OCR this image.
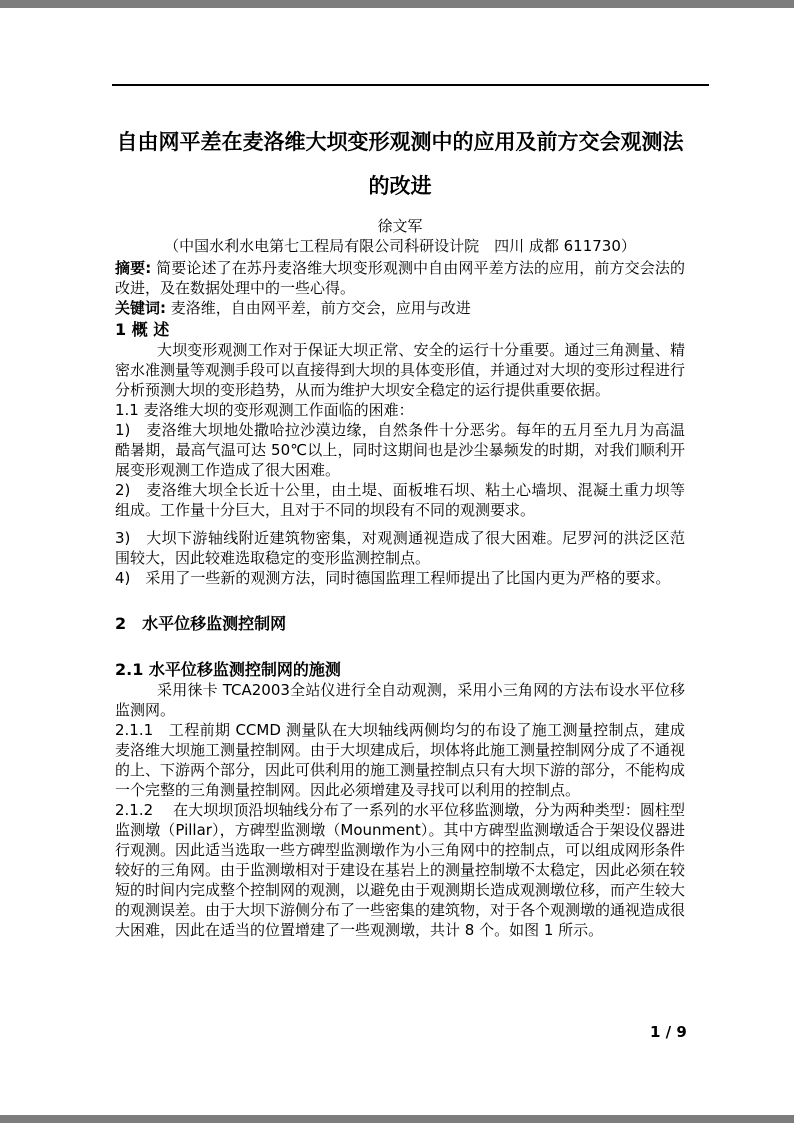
自由网平差在麦洛维大坝变形观测中的应用及前方交会观测法
的改进

徐文军

（中国水利水电第七工程局有限公司科研设计院　四川 成都 611730）

摘要: 简要论述了在苏丹麦洛维大坝变形观测中自由网平差方法的应用，前方交会法的改进，及在数据处理中的一些心得。

关键词: 麦洛维，自由网平差，前方交会，应用与改进

1 概 述

大坝变形观测工作对于保证大坝正常、安全的运行十分重要。通过三角测量、精密水准测量等观测手段可以直接得到大坝的具体变形值，并通过对大坝的变形过程进行分析预测大坝的变形趋势，从而为维护大坝安全稳定的运行提供重要依据。

1.1 麦洛维大坝的变形观测工作面临的困难：

1)　麦洛维大坝地处撒哈拉沙漠边缘，自然条件十分恶劣。每年的五月至九月为高温酷暑期，最高气温可达 50℃以上，同时这期间也是沙尘暴频发的时期，对我们顺利开展变形观测工作造成了很大困难。

2)　麦洛维大坝全长近十公里，由土堤、面板堆石坝、粘土心墙坝、混凝土重力坝等组成。工作量十分巨大，且对于不同的坝段有不同的观测要求。

3)　大坝下游轴线附近建筑物密集，对观测通视造成了很大困难。尼罗河的洪泛区范围较大，因此较难选取稳定的变形监测控制点。

4)　采用了一些新的观测方法，同时德国监理工程师提出了比国内更为严格的要求。

2　水平位移监测控制网
2.1 水平位移监测控制网的施测

采用徕卡 TCA2003全站仪进行全自动观测，采用小三角网的方法布设水平位移监测网。

2.1.1　工程前期 CCMD 测量队在大坝轴线两侧均匀的布设了施工测量控制点，建成麦洛维大坝施工测量控制网。由于大坝建成后，坝体将此施工测量控制网分成了不通视的上、下游两个部分，因此可供利用的施工测量控制点只有大坝下游的部分，不能构成一个完整的三角测量控制网。因此必须增建及寻找可以利用的控制点。

2.1.2　 在大坝坝顶沿坝轴线分布了一系列的水平位移监测墩，分为两种类型：圆柱型监测墩（Pillar），方碑型监测墩（Mounment）。其中方碑型监测墩适合于架设仪器进行观测。因此适当选取一些方碑型监测墩作为小三角网中的控制点，可以组成网形条件较好的三角网。由于监测墩相对于建设在基岩上的测量控制墩不太稳定，因此必须在较短的时间内完成整个控制网的观测，以避免由于观测期长造成观测墩位移，而产生较大的观测误差。由于大坝下游侧分布了一些密集的建筑物，对于各个观测墩的通视造成很大困难，因此在适当的位置增建了一些观测墩，共计 8 个。如图 1 所示。

1 / 9
